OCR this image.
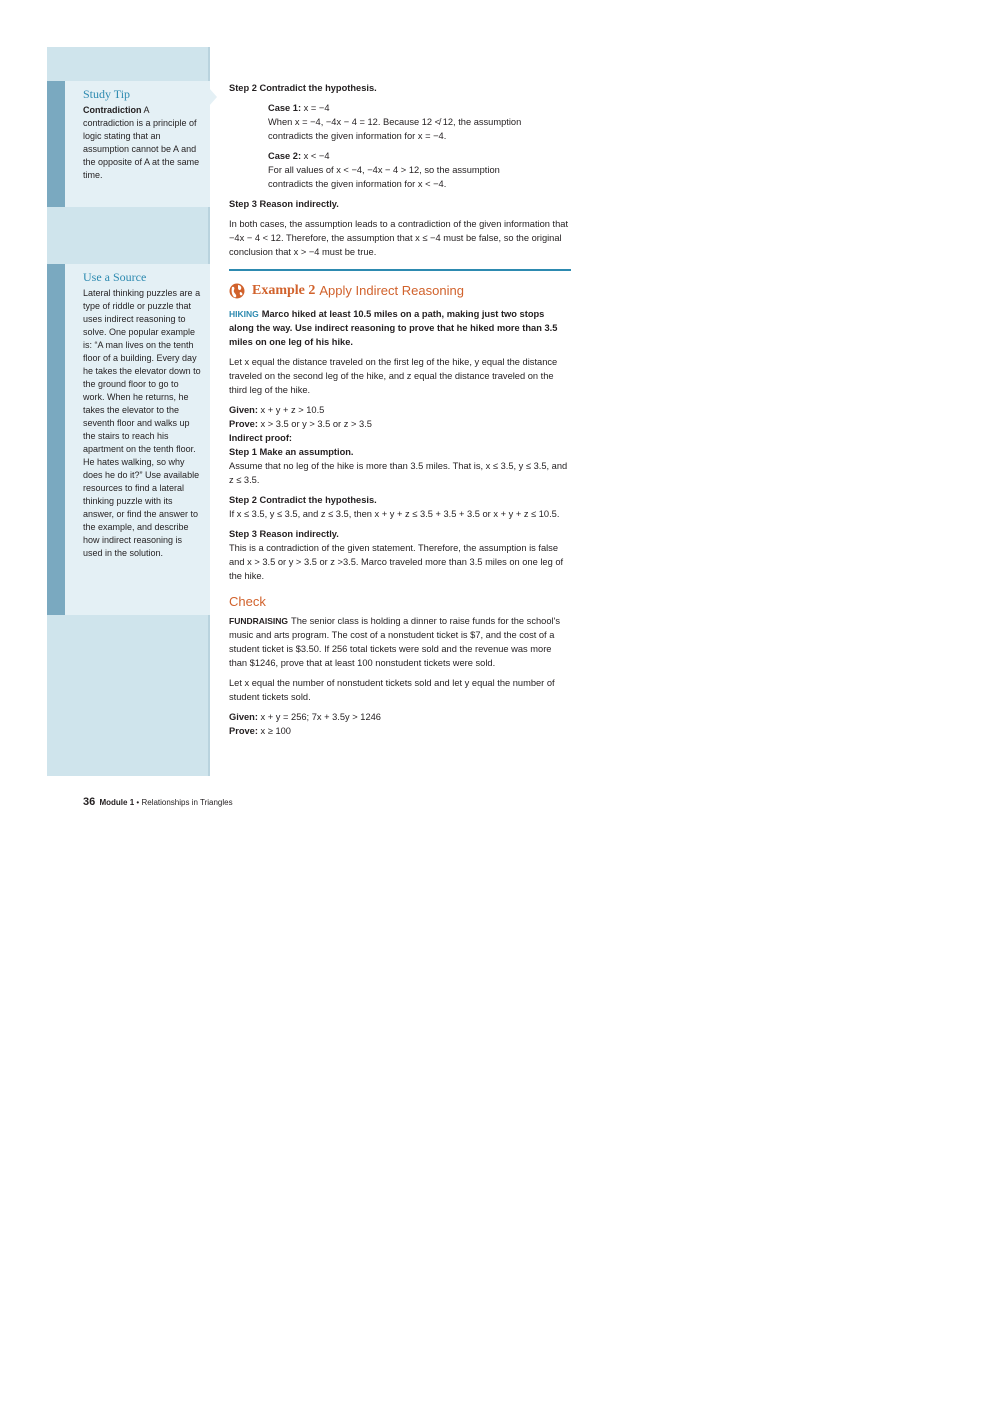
Study Tip

Contradiction A contradiction is a principle of logic stating that an assumption cannot be A and the opposite of A at the same time.

Use a Source

Lateral thinking puzzles are a type of riddle or puzzle that uses indirect reasoning to solve. One popular example is: “A man lives on the tenth floor of a building. Every day he takes the elevator down to the ground floor to go to work. When he returns, he takes the elevator to the seventh floor and walks up the stairs to reach his apartment on the tenth floor. He hates walking, so why does he do it?” Use available resources to find a lateral thinking puzzle with its answer, or find the answer to the example, and describe how indirect reasoning is used in the solution.

Step 2 Contradict the hypothesis.

Case 1: x = −4

When x = −4, −4x − 4 = 12. Because 12 ≮ 12, the assumption

contradicts the given information for x = −4.

Case 2: x < −4

For all values of x < −4, −4x − 4 > 12, so the assumption

contradicts the given information for x < −4.

Step 3 Reason indirectly.

In both cases, the assumption leads to a contradiction of the given information that −4x − 4 < 12. Therefore, the assumption that x ≤ −4 must be false, so the original conclusion that x > −4 must be true.

Example 2 Apply Indirect Reasoning

HIKING Marco hiked at least 10.5 miles on a path, making just two stops along the way. Use indirect reasoning to prove that he hiked more than 3.5 miles on one leg of his hike.

Let x equal the distance traveled on the first leg of the hike, y equal the distance traveled on the second leg of the hike, and z equal the distance traveled on the third leg of the hike.

Given: x + y + z > 10.5

Prove: x > 3.5 or y > 3.5 or z > 3.5

Indirect proof:

Step 1 Make an assumption.

Assume that no leg of the hike is more than 3.5 miles. That is, x ≤ 3.5, y ≤ 3.5, and z ≤ 3.5.

Step 2 Contradict the hypothesis.

If x ≤ 3.5, y ≤ 3.5, and z ≤ 3.5, then x + y + z ≤ 3.5 + 3.5 + 3.5 or x + y + z ≤ 10.5.

Step 3 Reason indirectly.

This is a contradiction of the given statement. Therefore, the assumption is false and x > 3.5 or y > 3.5 or z >3.5. Marco traveled more than 3.5 miles on one leg of the hike.

Check

FUNDRAISING The senior class is holding a dinner to raise funds for the school's music and arts program. The cost of a nonstudent ticket is $7, and the cost of a student ticket is $3.50. If 256 total tickets were sold and the revenue was more than $1246, prove that at least 100 nonstudent tickets were sold.

Let x equal the number of nonstudent tickets sold and let y equal the number of student tickets sold.

Given: x + y = 256; 7x + 3.5y > 1246

Prove: x ≥ 100

36 Module 1 • Relationships in Triangles
